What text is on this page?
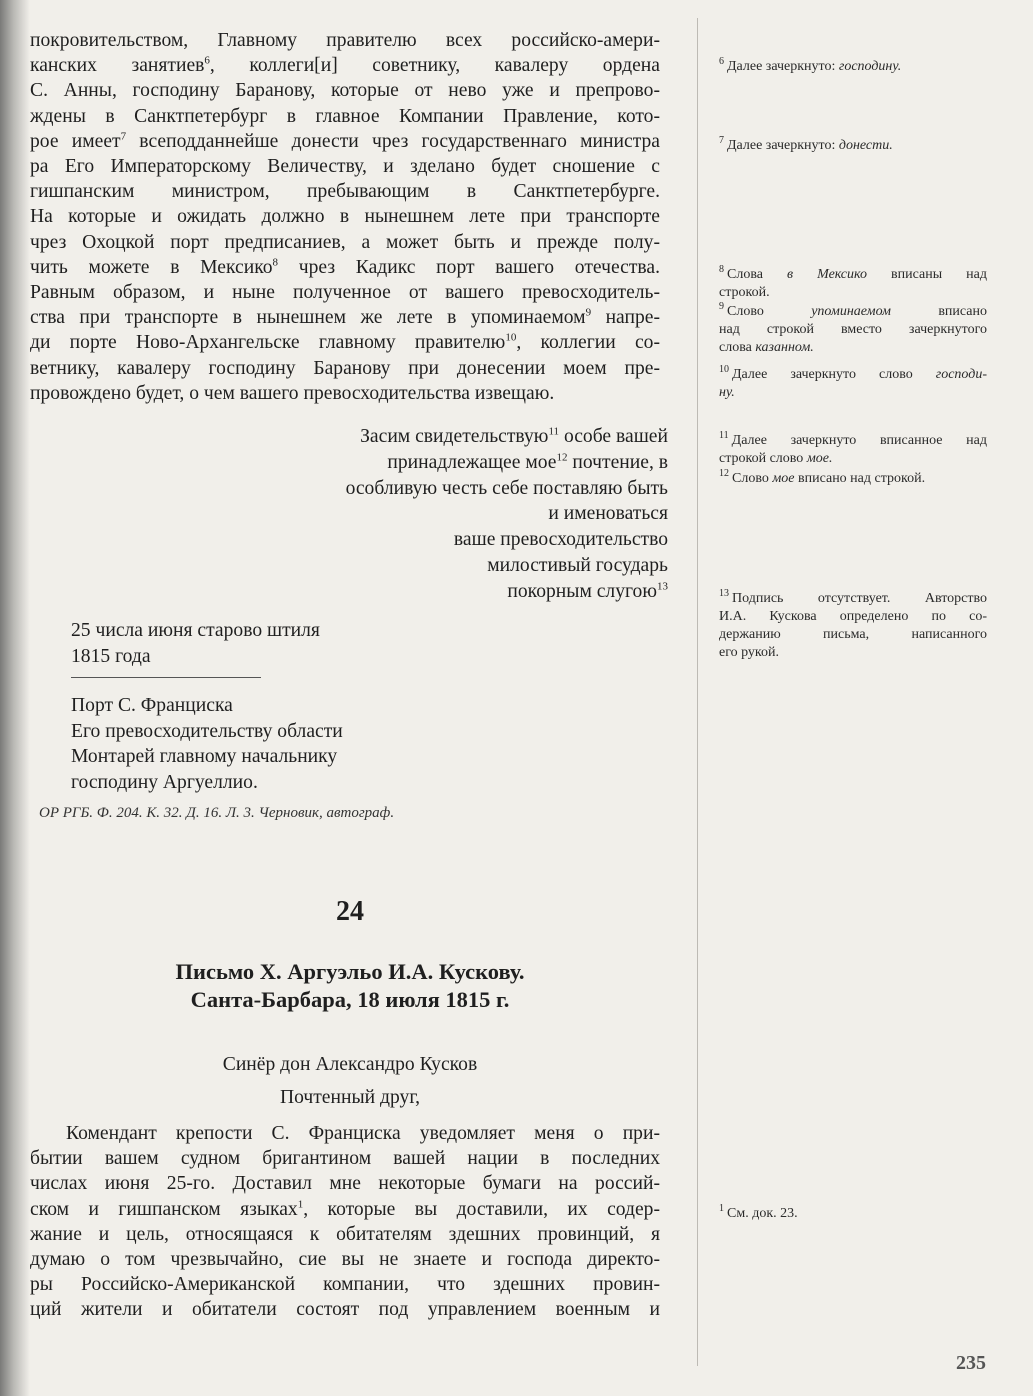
покровительством, Главному правителю всех российско-амери-
канских занятиев$^6$, коллеги[и] советнику, кавалеру ордена
С. Анны, господину Баранову, которые от нево уже и препрово-
ждены в Санктпетербург в главное Компании Правление, кото-
рое имеет$^7$ всеподданнейше донести чрез государственнаго министра
ра Его Императорскому Величеству, и зделано будет сношение с
гишпанским министром, пребывающим в Санктпетербурге.
На которые и ожидать должно в нынешнем лете при транспорте
чрез Охоцкой порт предписаниев, а может быть и прежде полу-
чить можете в Мексико$^8$ чрез Кадикс порт вашего отечества.
Равным образом, и ныне полученное от вашего превосходитель-
ства при транспорте в нынешнем же лете в упоминаемом$^9$ напре-
ди порте Ново-Архангельске главному правителю$^{10}$, коллегии со-
ветнику, кавалеру господину Баранову при донесении моем пре-
провождено будет, о чем вашего превосходительства извещаю.
Засим свидетельствую$^{11}$ особе вашей
принадлежащее мое$^{12}$ почтение, в
особливую честь себе поставляю быть
и именоваться
ваше превосходительство
милостивый государь
покорным слугою$^{13}$
25 числа июня старово штиля
1815 года
Порт С. Франциска
Его превосходительству области
Монтарей главному начальнику
господину Аргуеллио.
ОР РГБ. Ф. 204. К. 32. Д. 16. Л. 3. Черновик, автограф.
24
Письмо Х. Аргуэльо И.А. Кускову.
Санта-Барбара, 18 июля 1815 г.
Синёр дон Александро Кусков
Почтенный друг,
Комендант крепости С. Франциска уведомляет меня о при-
бытии вашем судном бригантином вашей нации в последних
числах июня 25-го. Доставил мне некоторые бумаги на россий-
ском и гишпанском языках$^1$, которые вы доставили, их содер-
жание и цель, относящаяся к обитателям здешних провинций, я
думаю о том чрезвычайно, сие вы не знаете и господа директо-
ры Российско-Американской компании, что здешних провин-
ций жители и обитатели состоят под управлением военным и
$^6$ Далее зачеркнуто: господину.
$^7$ Далее зачеркнуто: донести.
$^8$ Слова в Мексико вписаны над
строкой.
$^9$ Слово упоминаемом вписано
над строкой вместо зачеркнутого
слова казанном.
$^{10}$ Далее зачеркнуто слово господи-
ну.
$^{11}$ Далее зачеркнуто вписанное над
строкой слово мое.
$^{12}$ Слово мое вписано над строкой.
$^{13}$ Подпись отсутствует. Авторство
И.А. Кускова определено по со-
держанию письма, написанного
его рукой.
$^1$ См. док. 23.
235
